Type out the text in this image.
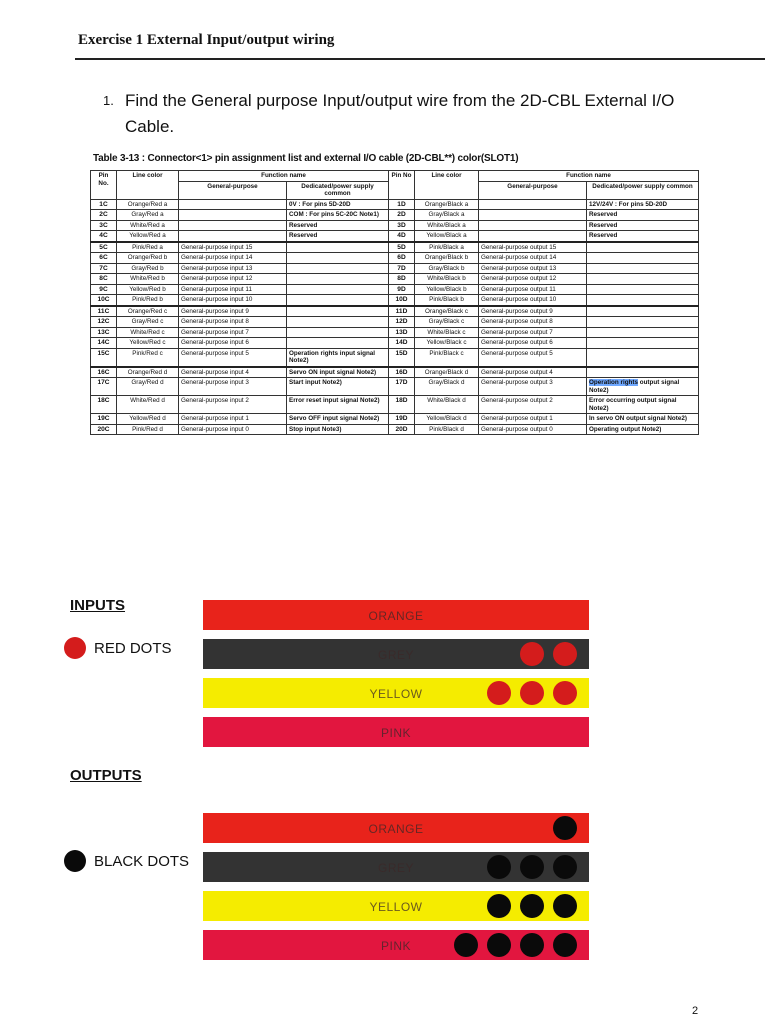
Exercise 1 External Input/output wiring
1. Find the General purpose Input/output wire from the 2D-CBL External I/O Cable.
Table 3-13 : Connector<1> pin assignment list and external I/O cable (2D-CBL**) color(SLOT1)
Pin No.	Line color	Function name		Pin No	Line color	Function name	
		General-purpose	Dedicated/power supply common			General-purpose	Dedicated/power supply common
1C	Orange/Red a		0V : For pins 5D-20D	1D	Orange/Black a		12V/24V : For pins 5D-20D
2C	Gray/Red a		COM : For pins 5C-20C Note1)	2D	Gray/Black a		Reserved
3C	White/Red a		Reserved	3D	White/Black a		Reserved
4C	Yellow/Red a		Reserved	4D	Yellow/Black a		Reserved
5C	Pink/Red a	General-purpose input 15		5D	Pink/Black a	General-purpose output 15	
6C	Orange/Red b	General-purpose input 14		6D	Orange/Black b	General-purpose output 14	
7C	Gray/Red b	General-purpose input 13		7D	Gray/Black b	General-purpose output 13	
8C	White/Red b	General-purpose input 12		8D	White/Black b	General-purpose output 12	
9C	Yellow/Red b	General-purpose input 11		9D	Yellow/Black b	General-purpose output 11	
10C	Pink/Red b	General-purpose input 10		10D	Pink/Black b	General-purpose output 10	
11C	Orange/Red c	General-purpose input 9		11D	Orange/Black c	General-purpose output 9	
12C	Gray/Red c	General-purpose input 8		12D	Gray/Black c	General-purpose output 8	
13C	White/Red c	General-purpose input 7		13D	White/Black c	General-purpose output 7	
14C	Yellow/Red c	General-purpose input 6		14D	Yellow/Black c	General-purpose output 6	
15C	Pink/Red c	General-purpose input 5	Operation rights input signal Note2)	15D	Pink/Black c	General-purpose output 5	
16C	Orange/Red d	General-purpose input 4	Servo ON input signal Note2)	16D	Orange/Black d	General-purpose output 4	
17C	Gray/Red d	General-purpose input 3	Start input Note2)	17D	Gray/Black d	General-purpose output 3	Operation rights output signal Note2)
18C	White/Red d	General-purpose input 2	Error reset input signal Note2)	18D	White/Black d	General-purpose output 2	Error occurring output signal Note2)
19C	Yellow/Red d	General-purpose input 1	Servo OFF input signal Note2)	19D	Yellow/Black d	General-purpose output 1	In servo ON output signal Note2)
20C	Pink/Red d	General-purpose input 0	Stop input Note3)	20D	Pink/Black d	General-purpose output 0	Operating output Note2)
INPUTS
RED DOTS
ORANGE
GREY
YELLOW
PINK
OUTPUTS
BLACK DOTS
ORANGE
GREY
YELLOW
PINK
2
